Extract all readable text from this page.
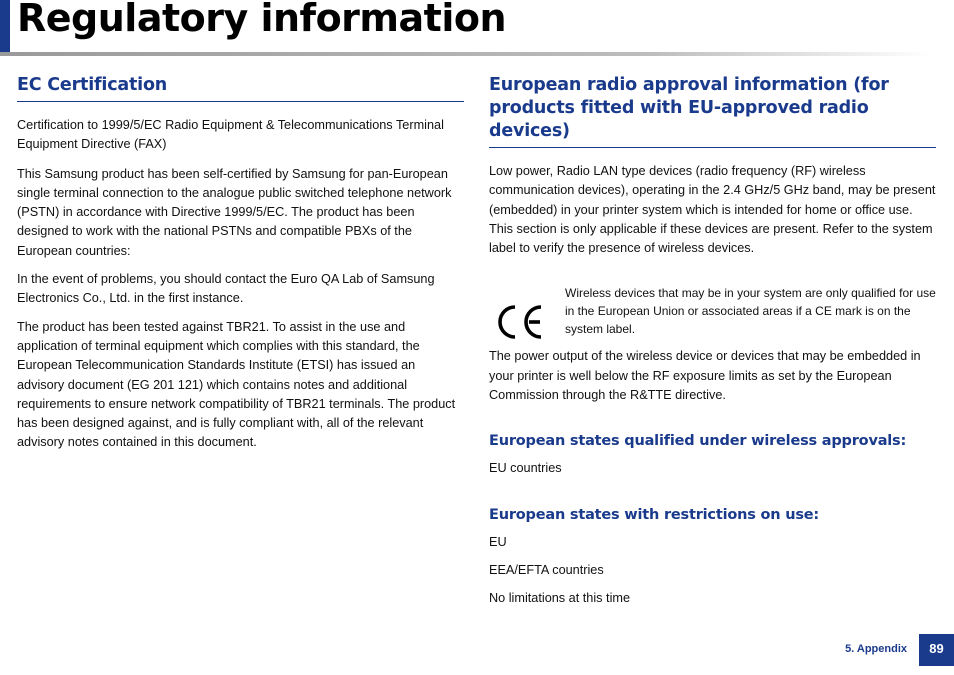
Regulatory information
EC Certification

Certification to 1999/5/EC Radio Equipment & Telecommunications Terminal Equipment Directive (FAX)

This Samsung product has been self-certified by Samsung for pan-European single terminal connection to the analogue public switched telephone network (PSTN) in accordance with Directive 1999/5/EC. The product has been designed to work with the national PSTNs and compatible PBXs of the European countries:

In the event of problems, you should contact the Euro QA Lab of Samsung Electronics Co., Ltd. in the first instance.

The product has been tested against TBR21. To assist in the use and application of terminal equipment which complies with this standard, the European Telecommunication Standards Institute (ETSI) has issued an advisory document (EG 201 121) which contains notes and additional requirements to ensure network compatibility of TBR21 terminals. The product has been designed against, and is fully compliant with, all of the relevant advisory notes contained in this document.

European radio approval information (for products fitted with EU-approved radio devices)

Low power, Radio LAN type devices (radio frequency (RF) wireless communication devices), operating in the 2.4 GHz/5 GHz band, may be present (embedded) in your printer system which is intended for home or office use. This section is only applicable if these devices are present. Refer to the system label to verify the presence of wireless devices.

Wireless devices that may be in your system are only qualified for use in the European Union or associated areas if a CE mark is on the system label.

The power output of the wireless device or devices that may be embedded in your printer is well below the RF exposure limits as set by the European Commission through the R&TTE directive.

European states qualified under wireless approvals:

EU countries

European states with restrictions on use:

EU

EEA/EFTA countries

No limitations at this time

5. Appendix	89
